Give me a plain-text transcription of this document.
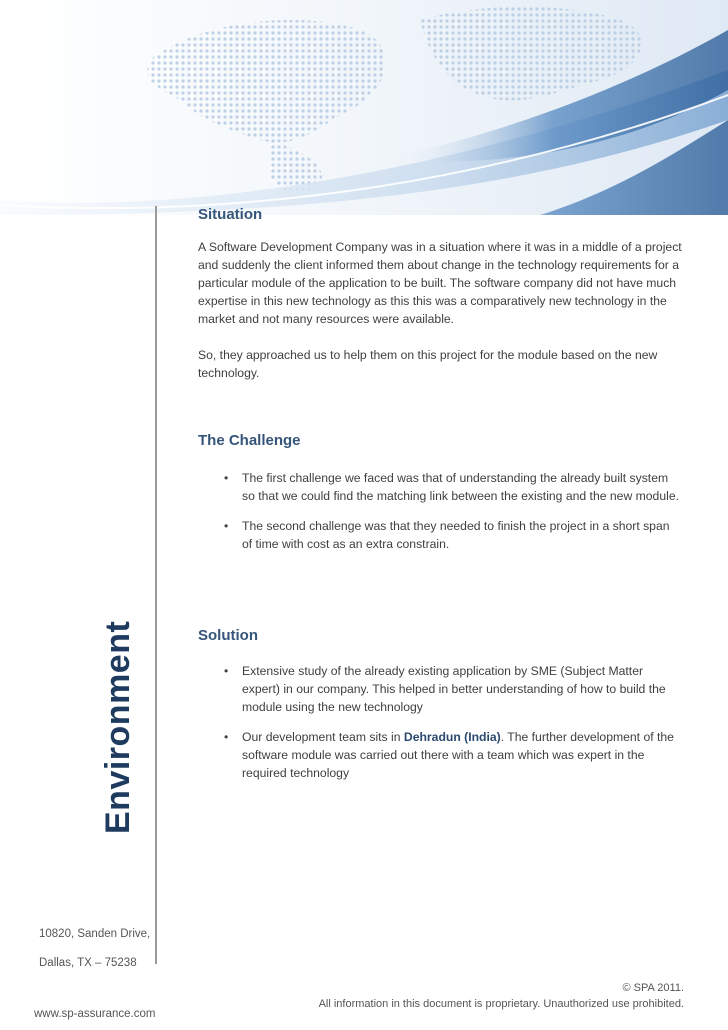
Situation

A Software Development Company was in a situation where it was in a middle of a project and suddenly the client informed them about change in the technology requirements for a particular module of the application to be built. The software company did not have much expertise in this new technology as this this was a comparatively new technology in the market and not many resources were available.

So, they approached us to help them on this project for the module based on the new technology.

The Challenge
• The first challenge we faced was that of understanding the already built system so that we could find the matching link between the existing and the new module.
• The second challenge was that they needed to finish the project in a short span of time with cost as an extra constrain.
Solution
• Extensive study of the already existing application by SME (Subject Matter expert) in our company. This helped in better understanding of how to build the module using the new technology
• Our development team sits in Dehradun (India). The further development of the software module was carried out there with a team which was expert in the required technology
Environment
10820, Sanden Drive,
Dallas, TX – 75238
© SPA 2011.
All information in this document is proprietary. Unauthorized use prohibited.
www.sp-assurance.com
